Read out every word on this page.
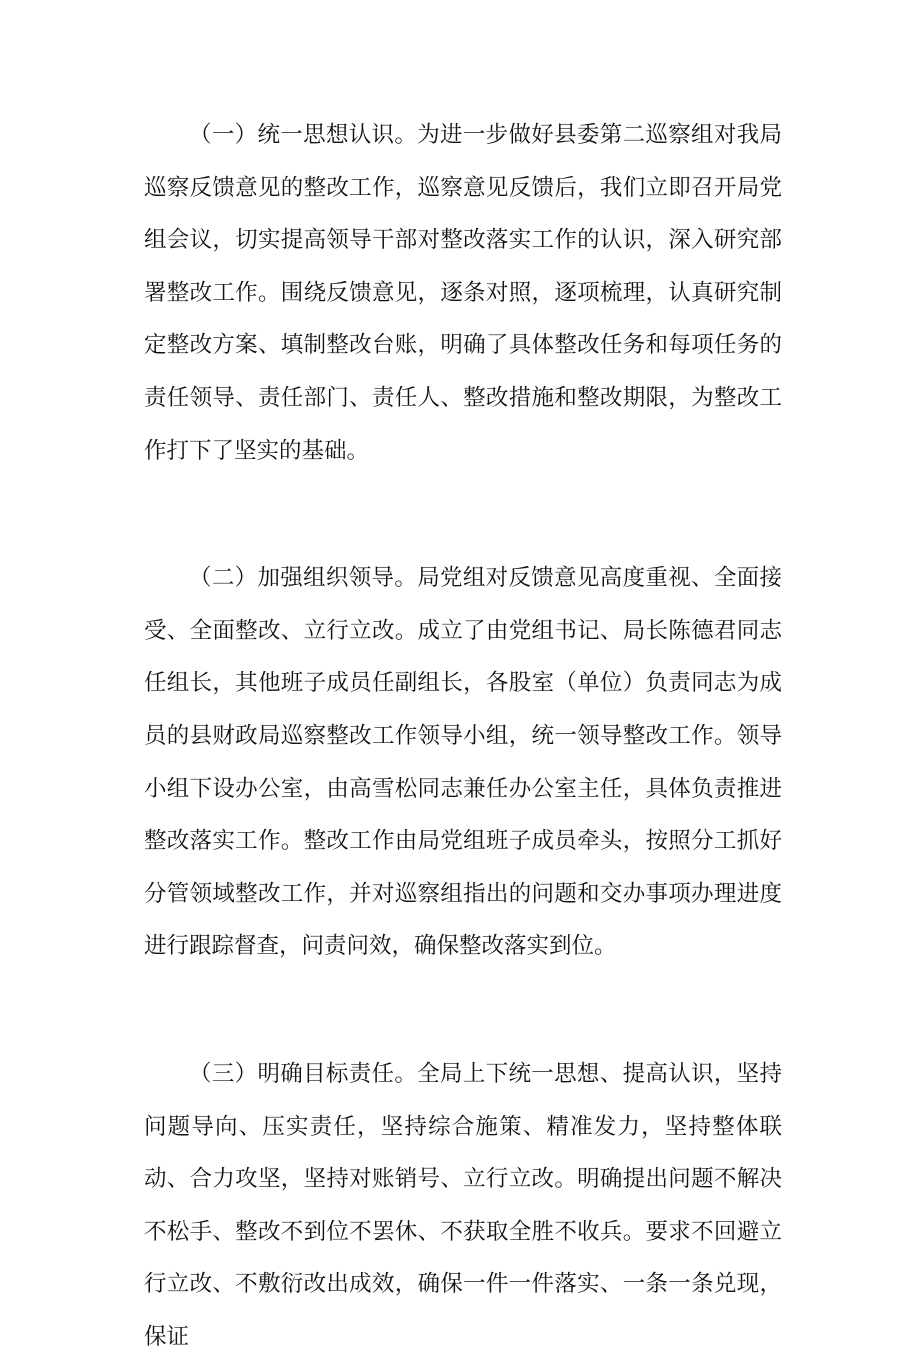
（一）统一思想认识。为进一步做好县委第二巡察组对我局巡察反馈意见的整改工作，巡察意见反馈后，我们立即召开局党组会议，切实提高领导干部对整改落实工作的认识，深入研究部署整改工作。围绕反馈意见，逐条对照，逐项梳理，认真研究制定整改方案、填制整改台账，明确了具体整改任务和每项任务的责任领导、责任部门、责任人、整改措施和整改期限，为整改工作打下了坚实的基础。

（二）加强组织领导。局党组对反馈意见高度重视、全面接受、全面整改、立行立改。成立了由党组书记、局长陈德君同志任组长，其他班子成员任副组长，各股室（单位）负责同志为成员的县财政局巡察整改工作领导小组，统一领导整改工作。领导小组下设办公室，由高雪松同志兼任办公室主任，具体负责推进整改落实工作。整改工作由局党组班子成员牵头，按照分工抓好分管领域整改工作，并对巡察组指出的问题和交办事项办理进度进行跟踪督查，问责问效，确保整改落实到位。

（三）明确目标责任。全局上下统一思想、提高认识，坚持问题导向、压实责任，坚持综合施策、精准发力，坚持整体联动、合力攻坚，坚持对账销号、立行立改。明确提出问题不解决不松手、整改不到位不罢休、不获取全胜不收兵。要求不回避立行立改、不敷衍改出成效，确保一件一件落实、一条一条兑现，保证
